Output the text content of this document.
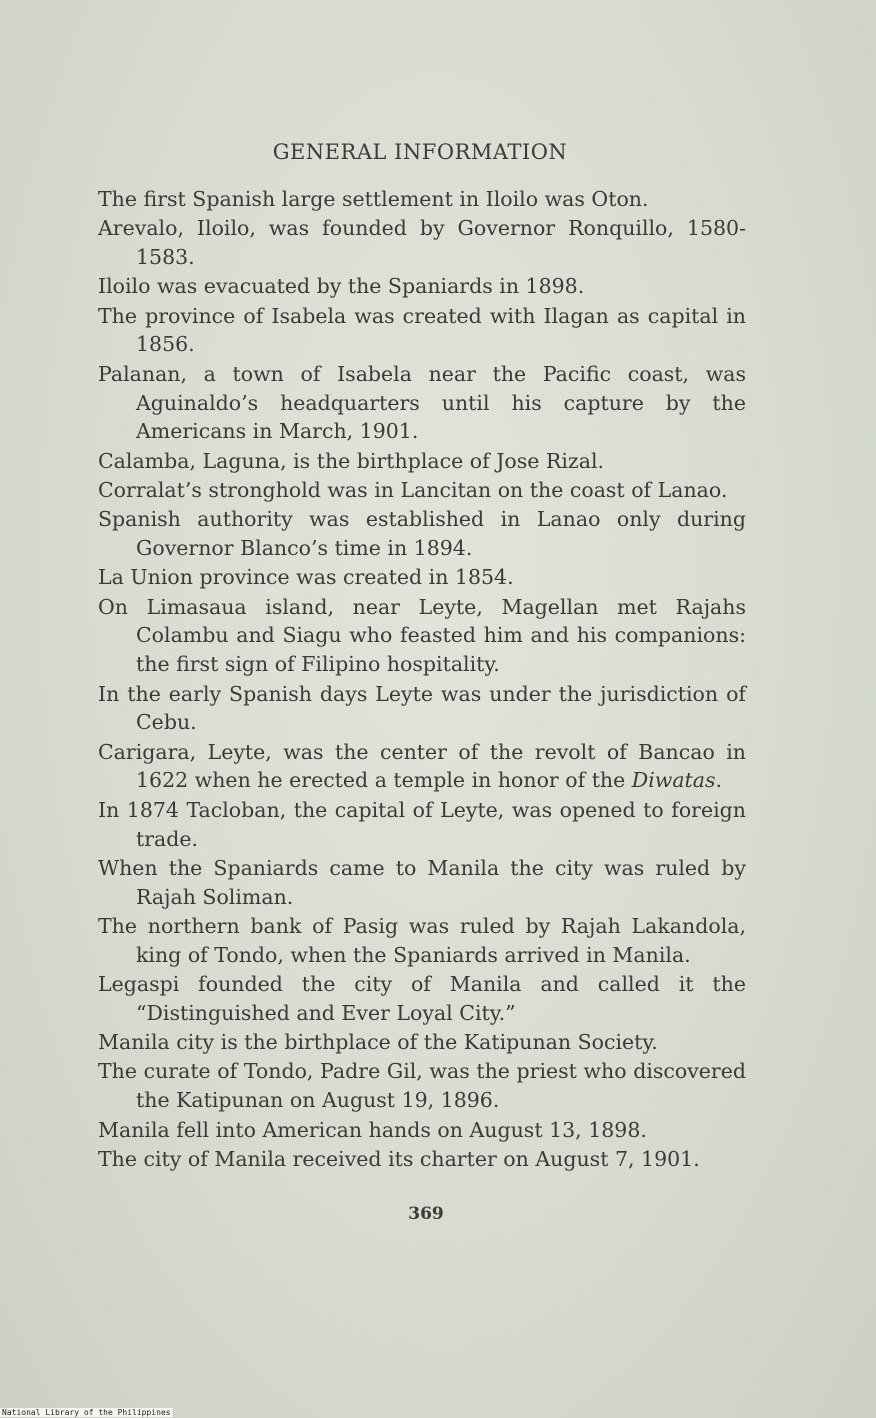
GENERAL INFORMATION

The first Spanish large settlement in Iloilo was Oton.

Arevalo, Iloilo, was founded by Governor Ronquillo, 1580-1583.

Iloilo was evacuated by the Spaniards in 1898.

The province of Isabela was created with Ilagan as capital in 1856.

Palanan, a town of Isabela near the Pacific coast, was Aguinaldo’s headquarters until his capture by the Americans in March, 1901.

Calamba, Laguna, is the birthplace of Jose Rizal.

Corralat’s stronghold was in Lancitan on the coast of Lanao.

Spanish authority was established in Lanao only during Governor Blanco’s time in 1894.

La Union province was created in 1854.

On Limasaua island, near Leyte, Magellan met Rajahs Colambu and Siagu who feasted him and his companions: the first sign of Filipino hospitality.

In the early Spanish days Leyte was under the jurisdiction of Cebu.

Carigara, Leyte, was the center of the revolt of Bancao in 1622 when he erected a temple in honor of the Diwatas.

In 1874 Tacloban, the capital of Leyte, was opened to foreign trade.

When the Spaniards came to Manila the city was ruled by Rajah Soliman.

The northern bank of Pasig was ruled by Rajah Lakandola, king of Tondo, when the Spaniards arrived in Manila.

Legaspi founded the city of Manila and called it the “Distinguished and Ever Loyal City.”

Manila city is the birthplace of the Katipunan Society.

The curate of Tondo, Padre Gil, was the priest who discovered the Katipunan on August 19, 1896.

Manila fell into American hands on August 13, 1898.

The city of Manila received its charter on August 7, 1901.

369
National Library of the Philippines
